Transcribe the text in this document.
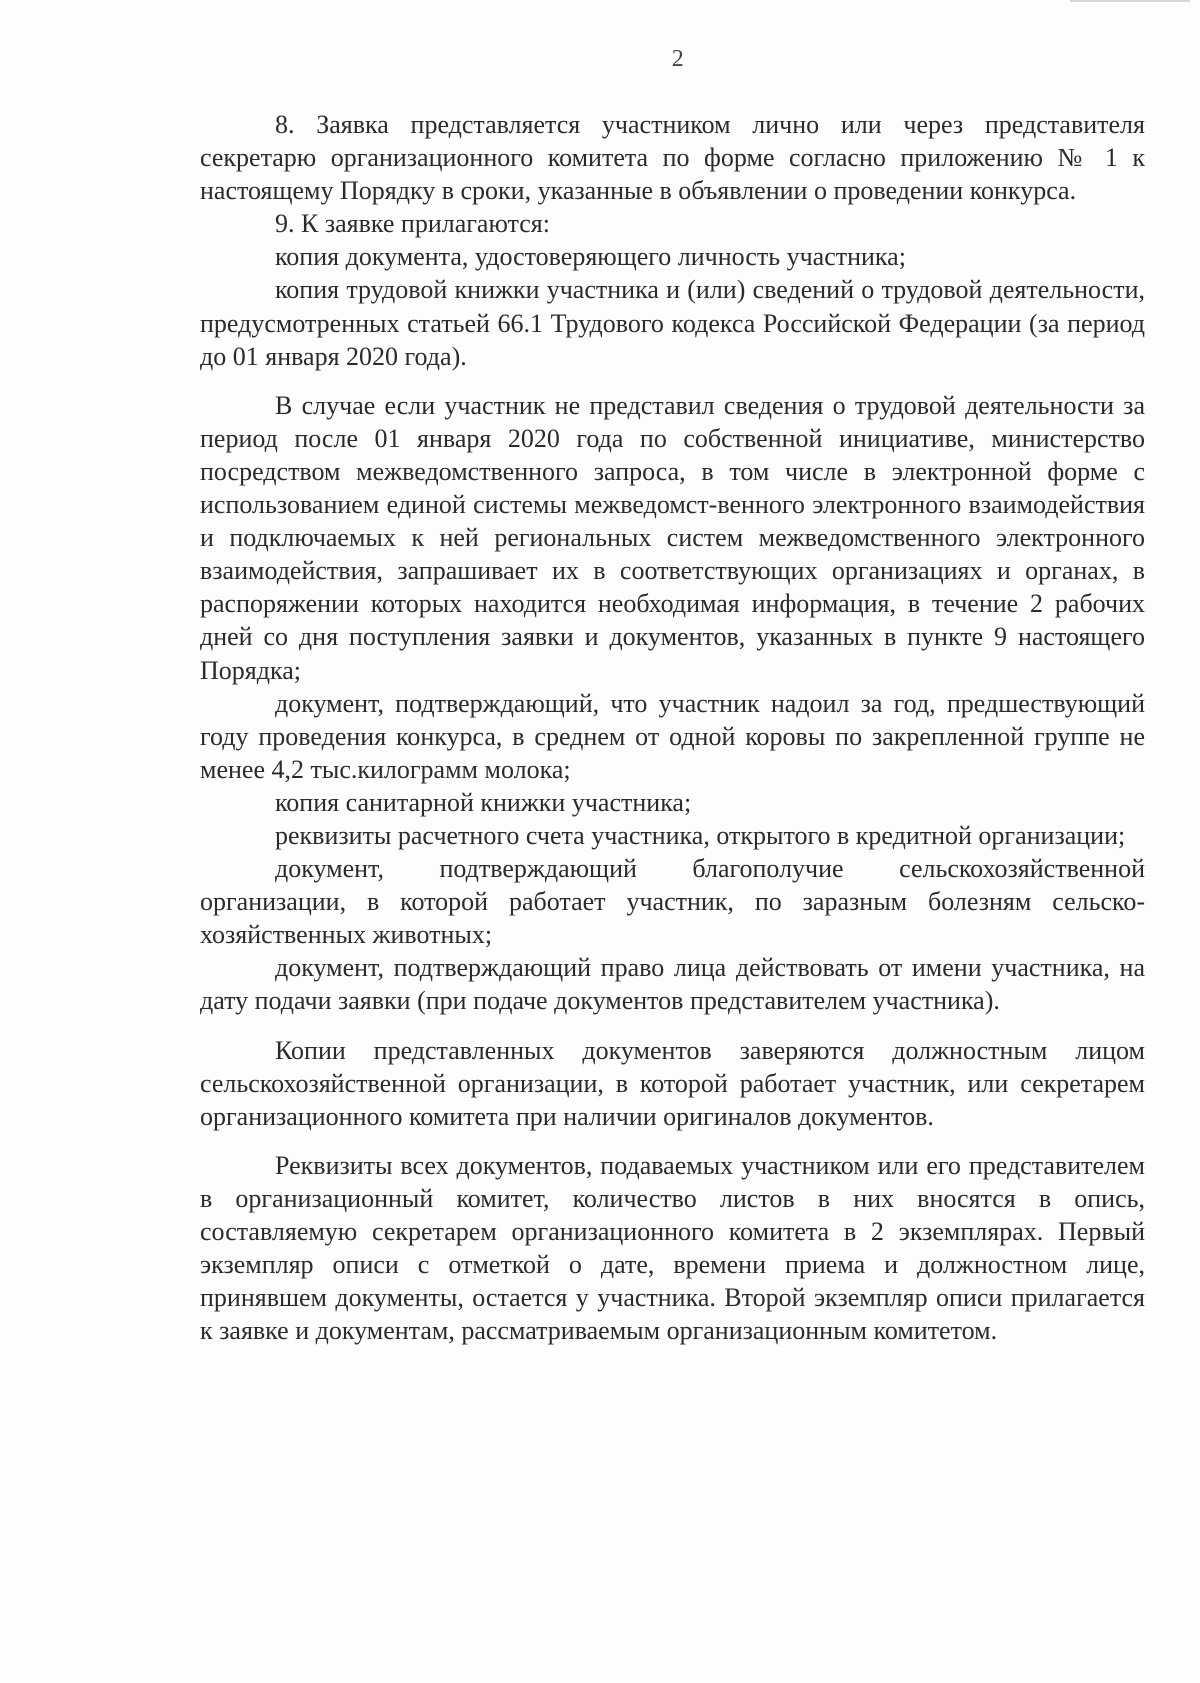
2

8. Заявка представляется участником лично или через представителя секретарю организационного комитета по форме согласно приложению № 1 к настоящему Порядку в сроки, указанные в объявлении о проведении конкурса.

9. К заявке прилагаются:

копия документа, удостоверяющего личность участника;

копия трудовой книжки участника и (или) сведений о трудовой деятельности, предусмотренных статьей 66.1 Трудового кодекса Российской Федерации (за период до 01 января 2020 года).

В случае если участник не представил сведения о трудовой деятельности за период после 01 января 2020 года по собственной инициативе, министерство посредством межведомственного запроса, в том числе в электронной форме с использованием единой системы межведомст-венного электронного взаимодействия и подключаемых к ней региональных систем межведомственного электронного взаимодействия, запрашивает их в соответствующих организациях и органах, в распоряжении которых находится необходимая информация, в течение 2 рабочих дней со дня поступления заявки и документов, указанных в пункте 9 настоящего Порядка;

документ, подтверждающий, что участник надоил за год, предшествующий году проведения конкурса, в среднем от одной коровы по закрепленной группе не менее 4,2 тыс.килограмм молока;

копия санитарной книжки участника;

реквизиты расчетного счета участника, открытого в кредитной организации;

документ, подтверждающий благополучие сельскохозяйственной организации, в которой работает участник, по заразным болезням сельско-хозяйственных животных;

документ, подтверждающий право лица действовать от имени участника, на дату подачи заявки (при подаче документов представителем участника).

Копии представленных документов заверяются должностным лицом сельскохозяйственной организации, в которой работает участник, или секретарем организационного комитета при наличии оригиналов документов.

Реквизиты всех документов, подаваемых участником или его представителем в организационный комитет, количество листов в них вносятся в опись, составляемую секретарем организационного комитета в 2 экземплярах. Первый экземпляр описи с отметкой о дате, времени приема и должностном лице, принявшем документы, остается у участника. Второй экземпляр описи прилагается к заявке и документам, рассматриваемым организационным комитетом.
